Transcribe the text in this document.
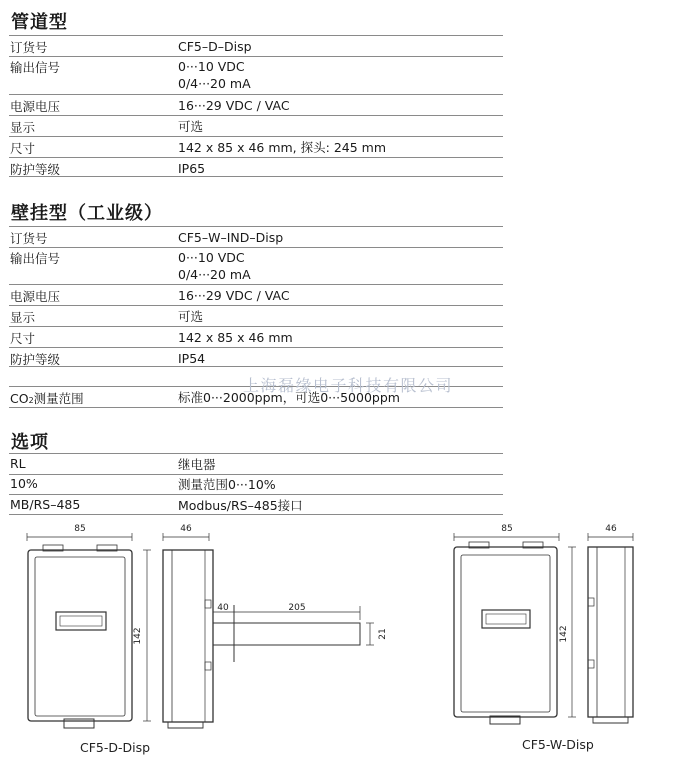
管道型
订货号	CF5–D–Disp
输出信号	0···10 VDC
0/4···20 mA
电源电压	16···29 VDC / VAC
显示	可选
尺寸	142 x 85 x 46 mm, 探头: 245 mm
防护等级	IP65
壁挂型（工业级）
订货号	CF5–W–IND–Disp
输出信号	0···10 VDC
0/4···20 mA
电源电压	16···29 VDC / VAC
显示	可选
尺寸	142 x 85 x 46 mm
防护等级	IP54
CO2测量范围	标准0···2000ppm，可选0···5000ppm
上海磊缘电子科技有限公司
选项
RL	继电器
10%	测量范围0···10%
MB/RS–485	Modbus/RS–485接口
85
142
46
40	205
21
85
142
46
CF5-D-Disp	CF5-W-Disp
